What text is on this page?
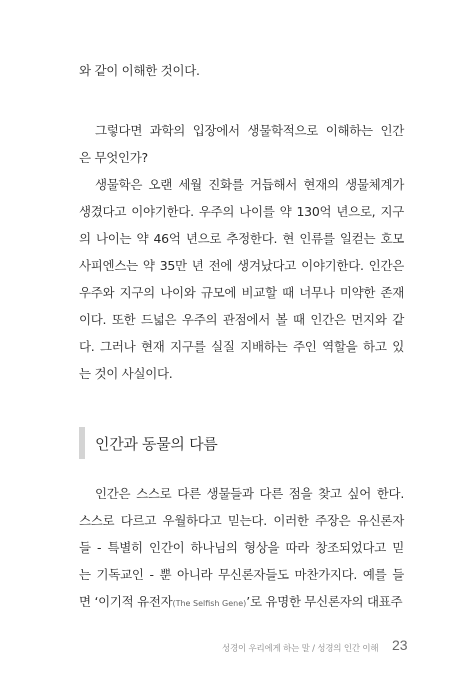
와 같이 이해한 것이다.
그렇다면 과학의 입장에서 생물학적으로 이해하는 인간
은 무엇인가?
생물학은 오랜 세월 진화를 거듭해서 현재의 생물체계가
생겼다고 이야기한다. 우주의 나이를 약 130억 년으로, 지구
의 나이는 약 46억 년으로 추정한다. 현 인류를 일컫는 호모
사피엔스는 약 35만 년 전에 생겨났다고 이야기한다. 인간은
우주와 지구의 나이와 규모에 비교할 때 너무나 미약한 존재
이다. 또한 드넓은 우주의 관점에서 볼 때 인간은 먼지와 같
다. 그러나 현재 지구를 실질 지배하는 주인 역할을 하고 있
는 것이 사실이다.
인간과 동물의 다름
인간은 스스로 다른 생물들과 다른 점을 찾고 싶어 한다.
스스로 다르고 우월하다고 믿는다. 이러한 주장은 유신론자
들 - 특별히 인간이 하나님의 형상을 따라 창조되었다고 믿
는 기독교인 - 뿐 아니라 무신론자들도 마찬가지다. 예를 들
면 ‘이기적 유전자(The Selfish Gene)’로 유명한 무신론자의 대표주
성경이 우리에게 하는 말 / 성경의 인간 이해 23
